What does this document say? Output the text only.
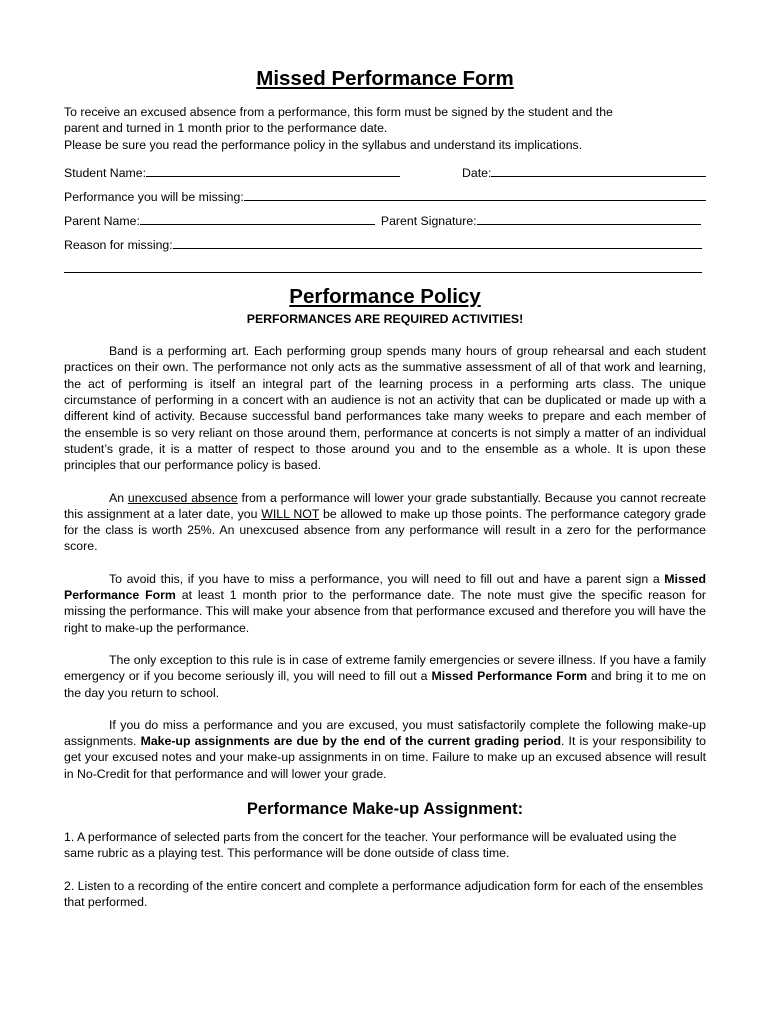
Missed Performance Form

To receive an excused absence from a performance, this form must be signed by the student and the

parent and turned in 1 month prior to the performance date.

Please be sure you read the performance policy in the syllabus and understand its implications.

Student Name:	Date:
Performance you will be missing:
Parent Name:	Parent Signature:
Reason for missing:
Performance Policy
PERFORMANCES ARE REQUIRED ACTIVITIES!

Band is a performing art. Each performing group spends many hours of group rehearsal and each student practices on their own. The performance not only acts as the summative assessment of all of that work and learning, the act of performing is itself an integral part of the learning process in a performing arts class. The unique circumstance of performing in a concert with an audience is not an activity that can be duplicated or made up with a different kind of activity. Because successful band performances take many weeks to prepare and each member of the ensemble is so very reliant on those around them, performance at concerts is not simply a matter of an individual student’s grade, it is a matter of respect to those around you and to the ensemble as a whole. It is upon these principles that our performance policy is based.

An unexcused absence from a performance will lower your grade substantially. Because you cannot recreate this assignment at a later date, you WILL NOT be allowed to make up those points. The performance category grade for the class is worth 25%. An unexcused absence from any performance will result in a zero for the performance score.

To avoid this, if you have to miss a performance, you will need to fill out and have a parent sign a Missed Performance Form at least 1 month prior to the performance date. The note must give the specific reason for missing the performance. This will make your absence from that performance excused and therefore you will have the right to make-up the performance.

The only exception to this rule is in case of extreme family emergencies or severe illness. If you have a family emergency or if you become seriously ill, you will need to fill out a Missed Performance Form and bring it to me on the day you return to school.

If you do miss a performance and you are excused, you must satisfactorily complete the following make-up assignments. Make-up assignments are due by the end of the current grading period. It is your responsibility to get your excused notes and your make-up assignments in on time. Failure to make up an excused absence will result in No-Credit for that performance and will lower your grade.

Performance Make-up Assignment:

1. A performance of selected parts from the concert for the teacher. Your performance will be evaluated using the same rubric as a playing test. This performance will be done outside of class time.

2. Listen to a recording of the entire concert and complete a performance adjudication form for each of the ensembles that performed.
